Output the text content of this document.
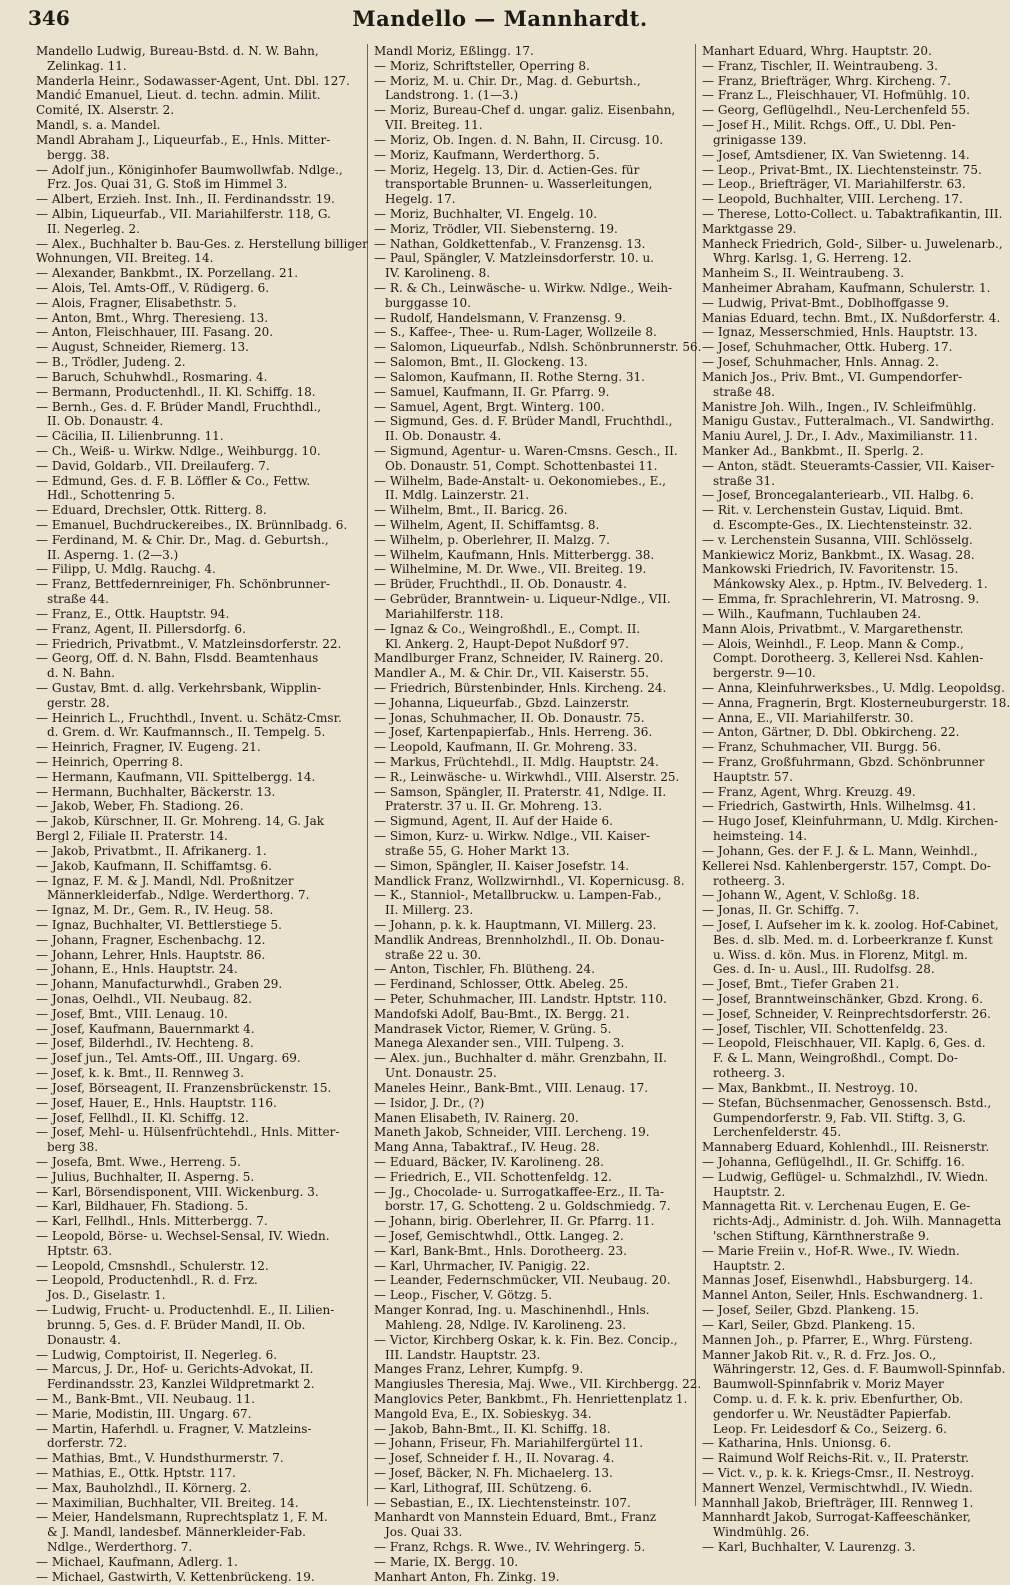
346	Mandello — Mannhardt.
Mandello Ludwig, Bureau-Bstd. d. N. W. Bahn,
Zelinkag. 11.
Manderla Heinr., Sodawasser-Agent, Unt. Dbl. 127.
Mandić Emanuel, Lieut. d. techn. admin. Milit.
Comité, IX. Alserstr. 2.
Mandl, s. a. Mandel.
Mandl Abraham J., Liqueurfab., E., Hnls. Mitter-
bergg. 38.
— Adolf jun., Königinhofer Baumwollwfab. Ndlge.,
Frz. Jos. Quai 31, G. Stoß im Himmel 3.
— Albert, Erzieh. Inst. Inh., II. Ferdinandsstr. 19.
— Albin, Liqueurfab., VII. Mariahilferstr. 118, G.
II. Negerleg. 2.
— Alex., Buchhalter b. Bau-Ges. z. Herstellung billiger
Wohnungen, VII. Breiteg. 14.
— Alexander, Bankbmt., IX. Porzellang. 21.
— Alois, Tel. Amts-Off., V. Rüdigerg. 6.
— Alois, Fragner, Elisabethstr. 5.
— Anton, Bmt., Whrg. Theresieng. 13.
— Anton, Fleischhauer, III. Fasang. 20.
— August, Schneider, Riemerg. 13.
— B., Trödler, Judeng. 2.
— Baruch, Schuhwhdl., Rosmaring. 4.
— Bermann, Productenhdl., II. Kl. Schiffg. 18.
— Bernh., Ges. d. F. Brüder Mandl, Fruchthdl.,
II. Ob. Donaustr. 4.
— Cäcilia, II. Lilienbrunng. 11.
— Ch., Weiß- u. Wirkw. Ndlge., Weihburgg. 10.
— David, Goldarb., VII. Dreilauferg. 7.
— Edmund, Ges. d. F. B. Löffler & Co., Fettw.
Hdl., Schottenring 5.
— Eduard, Drechsler, Ottk. Ritterg. 8.
— Emanuel, Buchdruckereibes., IX. Brünnlbadg. 6.
— Ferdinand, M. & Chir. Dr., Mag. d. Geburtsh.,
II. Asperng. 1. (2—3.)
— Filipp, U. Mdlg. Rauchg. 4.
— Franz, Bettfedernreiniger, Fh. Schönbrunner-
straße 44.
— Franz, E., Ottk. Hauptstr. 94.
— Franz, Agent, II. Pillersdorfg. 6.
— Friedrich, Privatbmt., V. Matzleinsdorferstr. 22.
— Georg, Off. d. N. Bahn, Flsdd. Beamtenhaus
d. N. Bahn.
— Gustav, Bmt. d. allg. Verkehrsbank, Wipplin-
gerstr. 28.
— Heinrich L., Fruchthdl., Invent. u. Schätz-Cmsr.
d. Grem. d. Wr. Kaufmannsch., II. Tempelg. 5.
— Heinrich, Fragner, IV. Eugeng. 21.
— Heinrich, Operring 8.
— Hermann, Kaufmann, VII. Spittelbergg. 14.
— Hermann, Buchhalter, Bäckerstr. 13.
— Jakob, Weber, Fh. Stadiong. 26.
— Jakob, Kürschner, II. Gr. Mohreng. 14, G. Jak
Bergl 2, Filiale II. Praterstr. 14.
— Jakob, Privatbmt., II. Afrikanerg. 1.
— Jakob, Kaufmann, II. Schiffamtsg. 6.
— Ignaz, F. M. & J. Mandl, Ndl. Proßnitzer
Männerkleiderfab., Ndlge. Werderthorg. 7.
— Ignaz, M. Dr., Gem. R., IV. Heug. 58.
— Ignaz, Buchhalter, VI. Bettlerstiege 5.
— Johann, Fragner, Eschenbachg. 12.
— Johann, Lehrer, Hnls. Hauptstr. 86.
— Johann, E., Hnls. Hauptstr. 24.
— Johann, Manufacturwhdl., Graben 29.
— Jonas, Oelhdl., VII. Neubaug. 82.
— Josef, Bmt., VIII. Lenaug. 10.
— Josef, Kaufmann, Bauernmarkt 4.
— Josef, Bilderhdl., IV. Hechteng. 8.
— Josef jun., Tel. Amts-Off., III. Ungarg. 69.
— Josef, k. k. Bmt., II. Rennweg 3.
— Josef, Börseagent, II. Franzensbrückenstr. 15.
— Josef, Hauer, E., Hnls. Hauptstr. 116.
— Josef, Fellhdl., II. Kl. Schiffg. 12.
— Josef, Mehl- u. Hülsenfrüchtehdl., Hnls. Mitter-
berg 38.
— Josefa, Bmt. Wwe., Herreng. 5.
— Julius, Buchhalter, II. Asperng. 5.
— Karl, Börsendisponent, VIII. Wickenburg. 3.
— Karl, Bildhauer, Fh. Stadiong. 5.
— Karl, Fellhdl., Hnls. Mitterbergg. 7.
— Leopold, Börse- u. Wechsel-Sensal, IV. Wiedn.
Hptstr. 63.
— Leopold, Cmsnshdl., Schulerstr. 12.
— Leopold, Productenhdl., R. d. Frz.
Jos. D., Giselastr. 1.
— Ludwig, Frucht- u. Productenhdl. E., II. Lilien-
brunng. 5, Ges. d. F. Brüder Mandl, II. Ob.
Donaustr. 4.
— Ludwig, Comptoirist, II. Negerleg. 6.
— Marcus, J. Dr., Hof- u. Gerichts-Advokat, II.
Ferdinandsstr. 23, Kanzlei Wildpretmarkt 2.
— M., Bank-Bmt., VII. Neubaug. 11.
— Marie, Modistin, III. Ungarg. 67.
— Martin, Haferhdl. u. Fragner, V. Matzleins-
dorferstr. 72.
— Mathias, Bmt., V. Hundsthurmerstr. 7.
— Mathias, E., Ottk. Hptstr. 117.
— Max, Bauholzhdl., II. Körnerg. 2.
— Maximilian, Buchhalter, VII. Breiteg. 14.
— Meier, Handelsmann, Ruprechtsplatz 1, F. M.
& J. Mandl, landesbef. Männerkleider-Fab.
Ndlge., Werderthorg. 7.
— Michael, Kaufmann, Adlerg. 1.
— Michael, Gastwirth, V. Kettenbrückeng. 19.
Mandl Moriz, Eßlingg. 17.
— Moriz, Schriftsteller, Operring 8.
— Moriz, M. u. Chir. Dr., Mag. d. Geburtsh.,
Landstrong. 1. (1—3.)
— Moriz, Bureau-Chef d. ungar. galiz. Eisenbahn,
VII. Breiteg. 11.
— Moriz, Ob. Ingen. d. N. Bahn, II. Circusg. 10.
— Moriz, Kaufmann, Werderthorg. 5.
— Moriz, Hegelg. 13, Dir. d. Actien-Ges. für
transportable Brunnen- u. Wasserleitungen,
Hegelg. 17.
— Moriz, Buchhalter, VI. Engelg. 10.
— Moriz, Trödler, VII. Siebensterng. 19.
— Nathan, Goldkettenfab., V. Franzensg. 13.
— Paul, Spängler, V. Matzleinsdorferstr. 10. u.
IV. Karolineng. 8.
— R. & Ch., Leinwäsche- u. Wirkw. Ndlge., Weih-
burggasse 10.
— Rudolf, Handelsmann, V. Franzensg. 9.
— S., Kaffee-, Thee- u. Rum-Lager, Wollzeile 8.
— Salomon, Liqueurfab., Ndlsh. Schönbrunnerstr. 56.
— Salomon, Bmt., II. Glockeng. 13.
— Salomon, Kaufmann, II. Rothe Sterng. 31.
— Samuel, Kaufmann, II. Gr. Pfarrg. 9.
— Samuel, Agent, Brgt. Winterg. 100.
— Sigmund, Ges. d. F. Brüder Mandl, Fruchthdl.,
II. Ob. Donaustr. 4.
— Sigmund, Agentur- u. Waren-Cmsns. Gesch., II.
Ob. Donaustr. 51, Compt. Schottenbastei 11.
— Wilhelm, Bade-Anstalt- u. Oekonomiebes., E.,
II. Mdlg. Lainzerstr. 21.
— Wilhelm, Bmt., II. Baricg. 26.
— Wilhelm, Agent, II. Schiffamtsg. 8.
— Wilhelm, p. Oberlehrer, II. Malzg. 7.
— Wilhelm, Kaufmann, Hnls. Mitterbergg. 38.
— Wilhelmine, M. Dr. Wwe., VII. Breiteg. 19.
— Brüder, Fruchthdl., II. Ob. Donaustr. 4.
— Gebrüder, Branntwein- u. Liqueur-Ndlge., VII.
Mariahilferstr. 118.
— Ignaz & Co., Weingroßhdl., E., Compt. II.
Kl. Ankerg. 2, Haupt-Depot Nußdorf 97.
Mandlburger Franz, Schneider, IV. Rainerg. 20.
Mandler A., M. & Chir. Dr., VII. Kaiserstr. 55.
— Friedrich, Bürstenbinder, Hnls. Kircheng. 24.
— Johanna, Liqueurfab., Gbzd. Lainzerstr.
— Jonas, Schuhmacher, II. Ob. Donaustr. 75.
— Josef, Kartenpapierfab., Hnls. Herreng. 36.
— Leopold, Kaufmann, II. Gr. Mohreng. 33.
— Markus, Früchtehdl., II. Mdlg. Hauptstr. 24.
— R., Leinwäsche- u. Wirkwhdl., VIII. Alserstr. 25.
— Samson, Spängler, II. Praterstr. 41, Ndlge. II.
Praterstr. 37 u. II. Gr. Mohreng. 13.
— Sigmund, Agent, II. Auf der Haide 6.
— Simon, Kurz- u. Wirkw. Ndlge., VII. Kaiser-
straße 55, G. Hoher Markt 13.
— Simon, Spängler, II. Kaiser Josefstr. 14.
Mandlick Franz, Wollzwirnhdl., VI. Kopernicusg. 8.
— K., Stanniol-, Metallbruckw. u. Lampen-Fab.,
II. Millerg. 23.
— Johann, p. k. k. Hauptmann, VI. Millerg. 23.
Mandlik Andreas, Brennholzhdl., II. Ob. Donau-
straße 22 u. 30.
— Anton, Tischler, Fh. Blütheng. 24.
— Ferdinand, Schlosser, Ottk. Abeleg. 25.
— Peter, Schuhmacher, III. Landstr. Hptstr. 110.
Mandofski Adolf, Bau-Bmt., IX. Bergg. 21.
Mandrasek Victor, Riemer, V. Grüng. 5.
Manega Alexander sen., VIII. Tulpeng. 3.
— Alex. jun., Buchhalter d. mähr. Grenzbahn, II.
Unt. Donaustr. 25.
Maneles Heinr., Bank-Bmt., VIII. Lenaug. 17.
— Isidor, J. Dr., (?)
Manen Elisabeth, IV. Rainerg. 20.
Maneth Jakob, Schneider, VIII. Lercheng. 19.
Mang Anna, Tabaktraf., IV. Heug. 28.
— Eduard, Bäcker, IV. Karolineng. 28.
— Friedrich, E., VII. Schottenfeldg. 12.
— Jg., Chocolade- u. Surrogatkaffee-Erz., II. Ta-
borstr. 17, G. Schotteng. 2 u. Goldschmiedg. 7.
— Johann, birig. Oberlehrer, II. Gr. Pfarrg. 11.
— Josef, Gemischtwhdl., Ottk. Langeg. 2.
— Karl, Bank-Bmt., Hnls. Dorotheerg. 23.
— Karl, Uhrmacher, IV. Panigig. 22.
— Leander, Federnschmücker, VII. Neubaug. 20.
— Leop., Fischer, V. Götzg. 5.
Manger Konrad, Ing. u. Maschinenhdl., Hnls.
Mahleng. 28, Ndlge. IV. Karolineng. 23.
— Victor, Kirchberg Oskar, k. k. Fin. Bez. Concip.,
III. Landstr. Hauptstr. 23.
Manges Franz, Lehrer, Kumpfg. 9.
Mangiusles Theresia, Maj. Wwe., VII. Kirchbergg. 22.
Manglovics Peter, Bankbmt., Fh. Henriettenplatz 1.
Mangold Eva, E., IX. Sobieskyg. 34.
— Jakob, Bahn-Bmt., II. Kl. Schiffg. 18.
— Johann, Friseur, Fh. Mariahilfergürtel 11.
— Josef, Schneider f. H., II. Novarag. 4.
— Josef, Bäcker, N. Fh. Michaelerg. 13.
— Karl, Lithograf, III. Schützeng. 6.
— Sebastian, E., IX. Liechtensteinstr. 107.
Manhardt von Mannstein Eduard, Bmt., Franz
Jos. Quai 33.
— Franz, Rchgs. R. Wwe., IV. Wehringerg. 5.
— Marie, IX. Bergg. 10.
Manhart Anton, Fh. Zinkg. 19.
Manhart Eduard, Whrg. Hauptstr. 20.
— Franz, Tischler, II. Weintraubeng. 3.
— Franz, Briefträger, Whrg. Kircheng. 7.
— Franz L., Fleischhauer, VI. Hofmühlg. 10.
— Georg, Geflügelhdl., Neu-Lerchenfeld 55.
— Josef H., Milit. Rchgs. Off., U. Dbl. Pen-
grinigasse 139.
— Josef, Amtsdiener, IX. Van Swietenng. 14.
— Leop., Privat-Bmt., IX. Liechtensteinstr. 75.
— Leop., Briefträger, VI. Mariahilferstr. 63.
— Leopold, Buchhalter, VIII. Lercheng. 17.
— Therese, Lotto-Collect. u. Tabaktrafikantin, III.
Marktgasse 29.
Manheck Friedrich, Gold-, Silber- u. Juwelenarb.,
Whrg. Karlsg. 1, G. Herreng. 12.
Manheim S., II. Weintraubeng. 3.
Manheimer Abraham, Kaufmann, Schulerstr. 1.
— Ludwig, Privat-Bmt., Doblhoffgasse 9.
Manias Eduard, techn. Bmt., IX. Nußdorferstr. 4.
— Ignaz, Messerschmied, Hnls. Hauptstr. 13.
— Josef, Schuhmacher, Ottk. Huberg. 17.
— Josef, Schuhmacher, Hnls. Annag. 2.
Manich Jos., Priv. Bmt., VI. Gumpendorfer-
straße 48.
Manistre Joh. Wilh., Ingen., IV. Schleifmühlg.
Manigu Gustav., Futteralmach., VI. Sandwirthg.
Maniu Aurel, J. Dr., I. Adv., Maximilianstr. 11.
Manker Ad., Bankbmt., II. Sperlg. 2.
— Anton, städt. Steueramts-Cassier, VII. Kaiser-
straße 31.
— Josef, Broncegalanteriearb., VII. Halbg. 6.
— Rit. v. Lerchenstein Gustav, Liquid. Bmt.
d. Escompte-Ges., IX. Liechtensteinstr. 32.
— v. Lerchenstein Susanna, VIII. Schlösselg.
Mankiewicz Moriz, Bankbmt., IX. Wasag. 28.
Mankowski Friedrich, IV. Favoritenstr. 15.
Mánkowsky Alex., p. Hptm., IV. Belvederg. 1.
— Emma, fr. Sprachlehrerin, VI. Matrosng. 9.
— Wilh., Kaufmann, Tuchlauben 24.
Mann Alois, Privatbmt., V. Margarethenstr.
— Alois, Weinhdl., F. Leop. Mann & Comp.,
Compt. Dorotheerg. 3, Kellerei Nsd. Kahlen-
bergerstr. 9—10.
— Anna, Kleinfuhrwerksbes., U. Mdlg. Leopoldsg.
— Anna, Fragnerin, Brgt. Klosterneuburgerstr. 18.
— Anna, E., VII. Mariahilferstr. 30.
— Anton, Gärtner, D. Dbl. Obkircheng. 22.
— Franz, Schuhmacher, VII. Burgg. 56.
— Franz, Großfuhrmann, Gbzd. Schönbrunner
Hauptstr. 57.
— Franz, Agent, Whrg. Kreuzg. 49.
— Friedrich, Gastwirth, Hnls. Wilhelmsg. 41.
— Hugo Josef, Kleinfuhrmann, U. Mdlg. Kirchen-
heimsteing. 14.
— Johann, Ges. der F. J. & L. Mann, Weinhdl.,
Kellerei Nsd. Kahlenbergerstr. 157, Compt. Do-
rotheerg. 3.
— Johann W., Agent, V. Schloßg. 18.
— Jonas, II. Gr. Schiffg. 7.
— Josef, I. Aufseher im k. k. zoolog. Hof-Cabinet,
Bes. d. slb. Med. m. d. Lorbeerkranze f. Kunst
u. Wiss. d. kön. Mus. in Florenz, Mitgl. m.
Ges. d. In- u. Ausl., III. Rudolfsg. 28.
— Josef, Bmt., Tiefer Graben 21.
— Josef, Branntweinschänker, Gbzd. Krong. 6.
— Josef, Schneider, V. Reinprechtsdorferstr. 26.
— Josef, Tischler, VII. Schottenfeldg. 23.
— Leopold, Fleischhauer, VII. Kaplg. 6, Ges. d.
F. & L. Mann, Weingroßhdl., Compt. Do-
rotheerg. 3.
— Max, Bankbmt., II. Nestroyg. 10.
— Stefan, Büchsenmacher, Genossensch. Bstd.,
Gumpendorferstr. 9, Fab. VII. Stiftg. 3, G.
Lerchenfelderstr. 45.
Mannaberg Eduard, Kohlenhdl., III. Reisnerstr.
— Johanna, Geflügelhdl., II. Gr. Schiffg. 16.
— Ludwig, Geflügel- u. Schmalzhdl., IV. Wiedn.
Hauptstr. 2.
Mannagetta Rit. v. Lerchenau Eugen, E. Ge-
richts-Adj., Administr. d. Joh. Wilh. Mannagetta
'schen Stiftung, Kärnthnerstraße 9.
— Marie Freiin v., Hof-R. Wwe., IV. Wiedn.
Hauptstr. 2.
Mannas Josef, Eisenwhdl., Habsburgerg. 14.
Mannel Anton, Seiler, Hnls. Eschwandnerg. 1.
— Josef, Seiler, Gbzd. Plankeng. 15.
— Karl, Seiler, Gbzd. Plankeng. 15.
Mannen Joh., p. Pfarrer, E., Whrg. Fürsteng.
Manner Jakob Rit. v., R. d. Frz. Jos. O.,
Währingerstr. 12, Ges. d. F. Baumwoll-Spinnfab.
Baumwoll-Spinnfabrik v. Moriz Mayer
Comp. u. d. F. k. k. priv. Ebenfurther, Ob.
gendorfer u. Wr. Neustädter Papierfab.
Leop. Fr. Leidesdorf & Co., Seizerg. 6.
— Katharina, Hnls. Unionsg. 6.
— Raimund Wolf Reichs-Rit. v., II. Praterstr.
— Vict. v., p. k. k. Kriegs-Cmsr., II. Nestroyg.
Mannert Wenzel, Vermischtwhdl., IV. Wiedn.
Mannhall Jakob, Briefträger, III. Rennweg 1.
Mannhardt Jakob, Surrogat-Kaffeeschänker,
Windmühlg. 26.
— Karl, Buchhalter, V. Laurenzg. 3.
